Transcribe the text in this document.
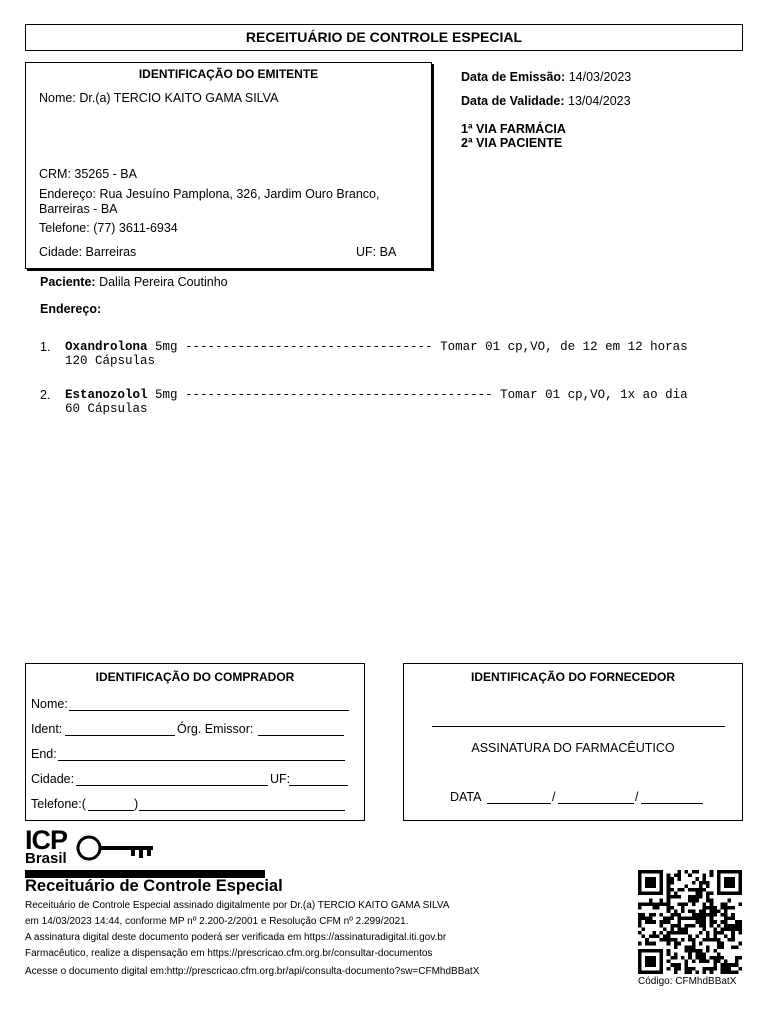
RECEITUÁRIO DE CONTROLE ESPECIAL
IDENTIFICAÇÃO DO EMITENTE
Nome: Dr.(a) TERCIO KAITO GAMA SILVA
CRM: 35265 - BA
Endereço: Rua Jesuíno Pamplona, 326, Jardim Ouro Branco,
Barreiras - BA
Telefone: (77) 3611-6934
Cidade: Barreiras	UF: BA
Data de Emissão: 14/03/2023
Data de Validade: 13/04/2023
1ª VIA FARMÁCIA
2ª VIA PACIENTE
Paciente: Dalila Pereira Coutinho
Endereço:
1. Oxandrolona 5mg --------------------------------- Tomar 01 cp,VO, de 12 em 12 horas
120 Cápsulas
2. Estanozolol 5mg ----------------------------------------- Tomar 01 cp,VO, 1x ao dia
60 Cápsulas
IDENTIFICAÇÃO DO COMPRADOR
Nome:
Ident:	Órg. Emissor:
End:
Cidade:	UF:
Telefone:(	)
IDENTIFICAÇÃO DO FORNECEDOR
ASSINATURA DO FARMACÊUTICO
DATA	/	/
ICP
Brasil
Receituário de Controle Especial
Receituário de Controle Especial assinado digitalmente por Dr.(a) TERCIO KAITO GAMA SILVA
em 14/03/2023 14:44, conforme MP nº 2.200-2/2001 e Resolução CFM nº 2.299/2021.
A assinatura digital deste documento poderá ser verificada em https://assinaturadigital.iti.gov.br
Farmacêutico, realize a dispensação em https://prescricao.cfm.org.br/consultar-documentos
Acesse o documento digital em:http://prescricao.cfm.org.br/api/consulta-documento?sw=CFMhdBBatX
Código: CFMhdBBatX
